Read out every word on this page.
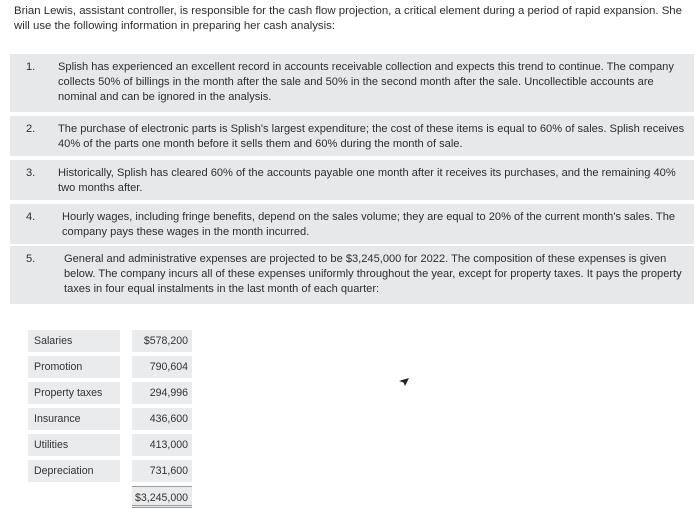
Brian Lewis, assistant controller, is responsible for the cash flow projection, a critical element during a period of rapid expansion. She will use the following information in preparing her cash analysis:
1.	Splish has experienced an excellent record in accounts receivable collection and expects this trend to continue. The company collects 50% of billings in the month after the sale and 50% in the second month after the sale. Uncollectible accounts are nominal and can be ignored in the analysis.
2.	The purchase of electronic parts is Splish's largest expenditure; the cost of these items is equal to 60% of sales. Splish receives 40% of the parts one month before it sells them and 60% during the month of sale.
3.	Historically, Splish has cleared 60% of the accounts payable one month after it receives its purchases, and the remaining 40% two months after.
4.	Hourly wages, including fringe benefits, depend on the sales volume; they are equal to 20% of the current month's sales. The company pays these wages in the month incurred.
5.	General and administrative expenses are projected to be $3,245,000 for 2022. The composition of these expenses is given below. The company incurs all of these expenses uniformly throughout the year, except for property taxes. It pays the property taxes in four equal instalments in the last month of each quarter:
Salaries	$578,200
Promotion	790,604
Property taxes	294,996
Insurance	436,600
Utilities	413,000
Depreciation	731,600
$3,245,000
